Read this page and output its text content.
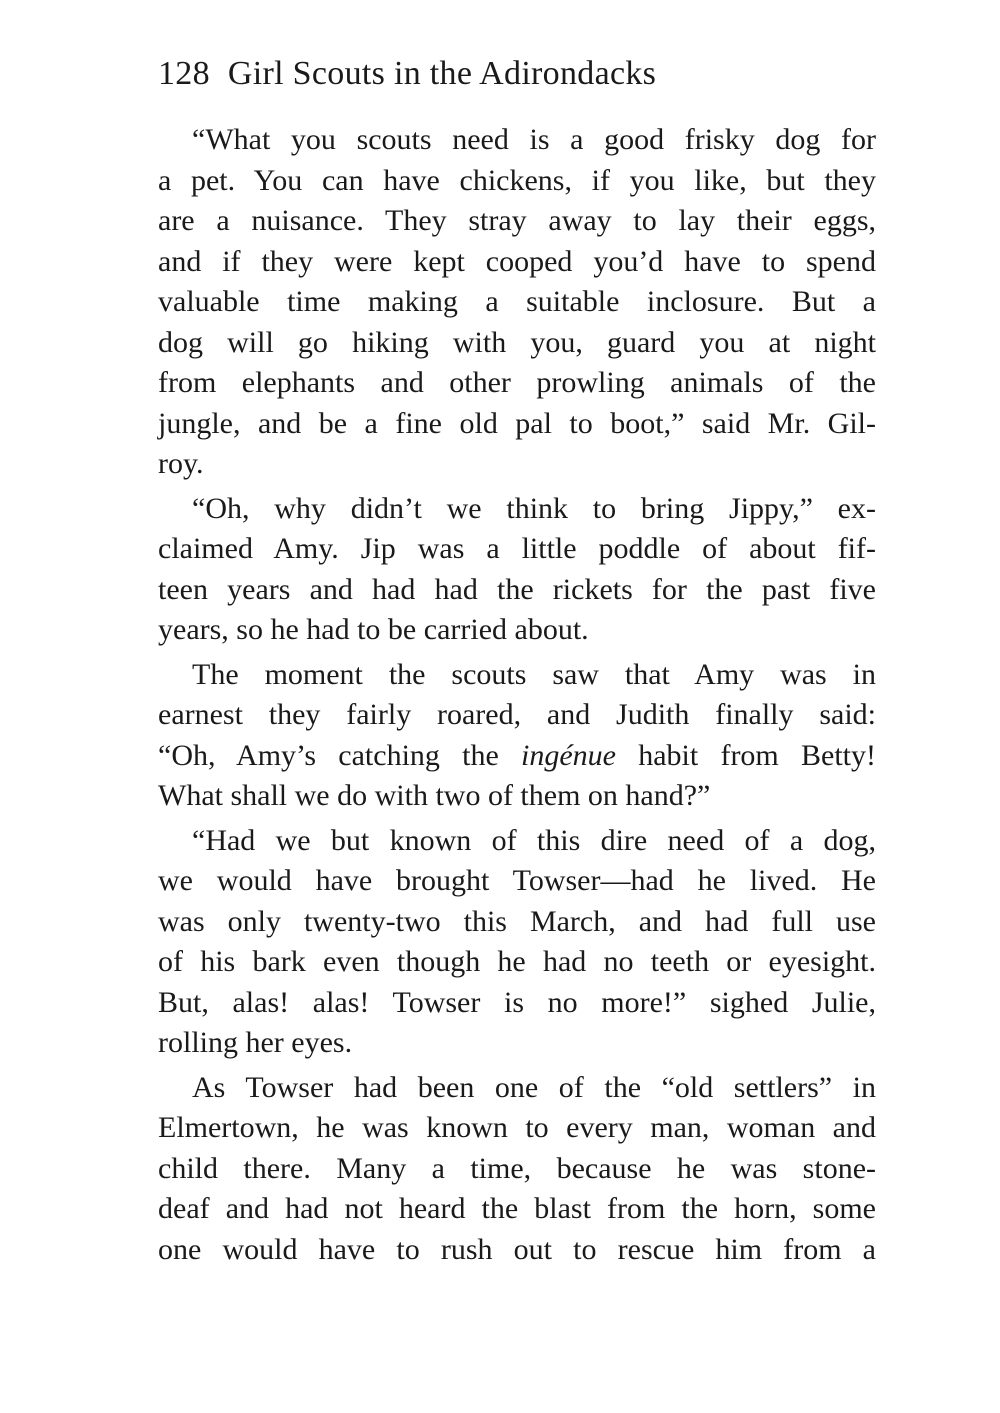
128 Girl Scouts in the Adirondacks
“What you scouts need is a good frisky dog for
a pet. You can have chickens, if you like, but they
are a nuisance. They stray away to lay their eggs,
and if they were kept cooped you’d have to spend
valuable time making a suitable inclosure. But a
dog will go hiking with you, guard you at night
from elephants and other prowling animals of the
jungle, and be a fine old pal to boot,” said Mr. Gil-
roy.
“Oh, why didn’t we think to bring Jippy,” ex-
claimed Amy. Jip was a little poddle of about fif-
teen years and had had the rickets for the past five
years, so he had to be carried about.
The moment the scouts saw that Amy was in
earnest they fairly roared, and Judith finally said:
“Oh, Amy’s catching the ingénue habit from Betty!
What shall we do with two of them on hand?”
“Had we but known of this dire need of a dog,
we would have brought Towser—had he lived. He
was only twenty-two this March, and had full use
of his bark even though he had no teeth or eyesight.
But, alas! alas! Towser is no more!” sighed Julie,
rolling her eyes.
As Towser had been one of the “old settlers” in
Elmertown, he was known to every man, woman and
child there. Many a time, because he was stone-
deaf and had not heard the blast from the horn, some
one would have to rush out to rescue him from a
